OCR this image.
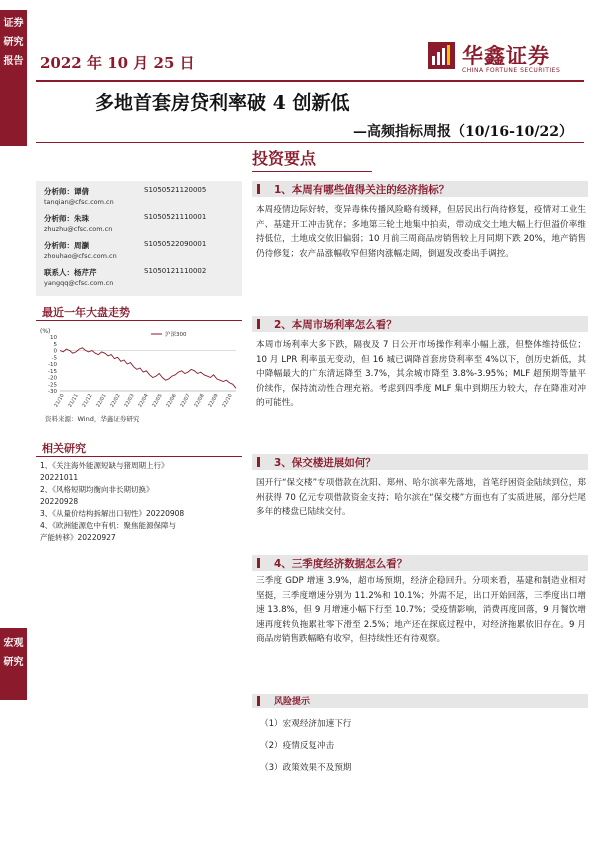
证券研究报告
宏观研究
2022 年 10 月 25 日	华鑫证券
CHINA FORTUNE SECURITIES
多地首套房贷利率破 4 创新低
—高频指标周报（10/16-10/22）
投资要点
分析师：谭倩	S1050521120005
tanqian@cfsc.com.cn
分析师：朱珠	S1050521110001
zhuzhu@cfsc.com.cn
分析师：周灏	S1050522090001
zhouhao@cfsc.com.cn
联系人：杨芹芹	S1050121110002
yangqq@cfsc.com.cn
最近一年大盘走势
(%)
10
5
0
-5
-10
-15
-20
-25
-30
21/10 21/11 21/12 22/01 22/02 22/03 22/04 22/05 22/06 22/07 22/08 22/09 22/10
沪深300
资料来源：Wind，华鑫证券研究
相关研究
1、《关注海外能源短缺与猪周期上行》
20221011
2、《风格短期均衡向非长期切换》
20220928
3、《从量价结构拆解出口韧性》20220908
4、《欧洲能源危中有机：聚焦能源保障与
产能转移》20220927
1、本周有哪些值得关注的经济指标？
本周疫情边际好转，变异毒株传播风险略有缓释，但居民出行尚待修复，疫情对工业生产、基建开工冲击犹存；多地第三轮土地集中拍卖，带动成交土地大幅上行但溢价率维持低位，土地成交依旧偏弱；10 月前三周商品房销售较上月同期下跌 20%，地产销售仍待修复；农产品涨幅收窄但猪肉涨幅走阔，倒逼发改委出手调控。
2、本周市场利率怎么看？
本周市场利率大多下跌，隔夜及 7 日公开市场操作利率小幅上涨，但整体维持低位；10 月 LPR 利率虽无变动，但 16 城已调降首套房贷利率至 4%以下，创历史新低，其中降幅最大的广东清远降至 3.7%，其余城市降至 3.8%-3.95%；MLF 超预期等量平价续作，保持流动性合理充裕。考虑到四季度 MLF 集中到期压力较大，存在降准对冲的可能性。
3、保交楼进展如何？
国开行“保交楼”专项借款在沈阳、郑州、哈尔滨率先落地，首笔纾困资金陆续到位，郑州获得 70 亿元专项借款资金支持；哈尔滨在“保交楼”方面也有了实质进展，部分烂尾多年的楼盘已陆续交付。
4、三季度经济数据怎么看？
三季度 GDP 增速 3.9%，超市场预期，经济企稳回升。分项来看，基建和制造业相对坚挺，三季度增速分别为 11.2%和 10.1%；外需不足，出口开始回落，三季度出口增速 13.8%，但 9 月增速小幅下行至 10.7%；受疫情影响，消费再度回落，9 月餐饮增速再度转负拖累社零下滑至 2.5%；地产还在探底过程中，对经济拖累依旧存在。9 月商品房销售跌幅略有收窄，但持续性还有待观察。
风险提示
（1）宏观经济加速下行
（2）疫情反复冲击
（3）政策效果不及预期
